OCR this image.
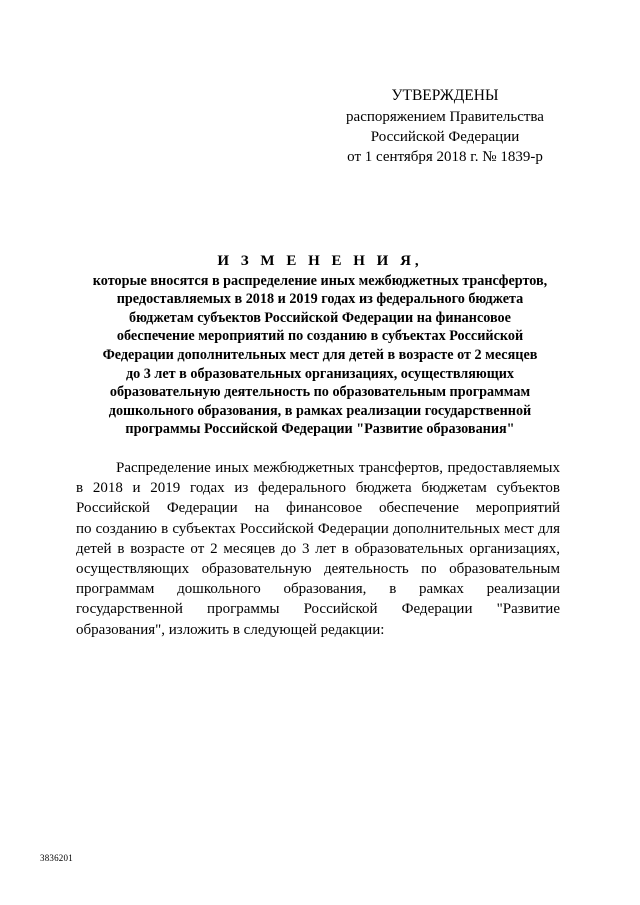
УТВЕРЖДЕНЫ
распоряжением Правительства
Российской Федерации
от 1 сентября 2018 г. № 1839-р
И З М Е Н Е Н И Я,
которые вносятся в распределение иных межбюджетных трансфертов,
предоставляемых в 2018 и 2019 годах из федерального бюджета
бюджетам субъектов Российской Федерации на финансовое
обеспечение мероприятий по созданию в субъектах Российской
Федерации дополнительных мест для детей в возрасте от 2 месяцев
до 3 лет в образовательных организациях, осуществляющих
образовательную деятельность по образовательным программам
дошкольного образования, в рамках реализации государственной
программы Российской Федерации "Развитие образования"
Распределение иных межбюджетных трансфертов, предоставляемых
в 2018 и 2019 годах из федерального бюджета бюджетам субъектов
Российской Федерации на финансовое обеспечение мероприятий
по созданию в субъектах Российской Федерации дополнительных мест для
детей в возрасте от 2 месяцев до 3 лет в образовательных организациях,
осуществляющих образовательную деятельность по образовательным
программам дошкольного образования, в рамках реализации
государственной программы Российской Федерации "Развитие
образования", изложить в следующей редакции:
3836201
